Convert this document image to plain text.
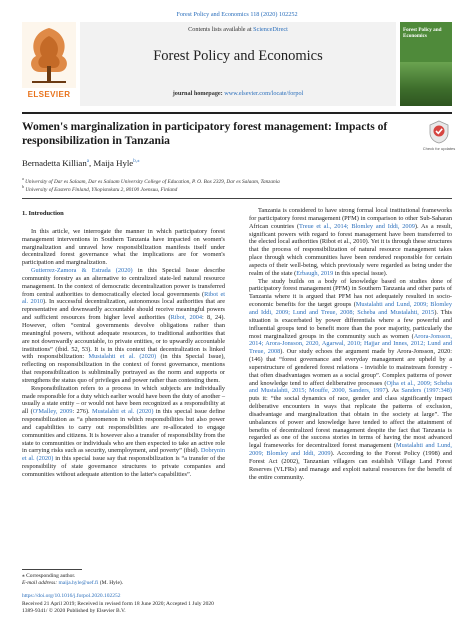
Forest Policy and Economics 118 (2020) 102252
ELSEVIER
Contents lists available at ScienceDirect
Forest Policy and Economics
journal homepage: www.elsevier.com/locate/forpol
Forest Policy and Economics
Women's marginalization in participatory forest management: Impacts of responsibilization in Tanzania
Check for updates
Bernadetta Killian$^a$, Maija Hyle$^{b,⁎}$
$^a$ University of Dar es Salaam, Dar es Salaam University College of Education, P. O. Box 2329, Dar es Salaam, Tanzania
$^b$ University of Eastern Finland, Yliopistokatu 2, 80100 Joensuu, Finland
1. Introduction
In this article, we interrogate the manner in which participatory forest management interventions in Southern Tanzania have impacted on women's marginalization and unravel how responsibilization manifests itself under decentralized forest governance what the implications are for women's participation and marginalization.
Gutierrez-Zamora & Estrada (2020) in this Special Issue describe community forestry as an alternative to centralized state-led natural resource management. In the context of democratic decentralization power is transferred from central authorities to democratically elected local governments (Ribot et al. 2010). In successful decentralization, autonomous local authorities that are representative and downwardly accountable should receive meaningful powers and sufficient resources from higher level authorities (Ribot, 2004: 8, 24). However, often “central governments devolve obligations rather than meaningful powers, without adequate resources, to traditional authorities that are not downwardly accountable, to private entities, or to upwardly accountable institutions” (ibid. 52, 53). It is in this context that decentralization is linked with responsibilization: Mustalahti et al. (2020) (in this Special Issue), reflecting on responsibilization in the context of forest governance, mentions that responsibilization is subliminally portrayed as the norm and supports or strengthens the status quo of privileges and power rather than contesting them.
Responsibilization refers to a process in which subjects are individually made responsible for a duty which earlier would have been the duty of another – usually a state entity – or would not have been recognized as a responsibility at all (O'Malley, 2009: 276). Mustalahti et al. (2020) in this special issue define responsibilization as “a phenomenon in which responsibilities but also power and capabilities to carry out responsibilities are re-allocated to engage communities and citizens. It is however also a transfer of responsibility from the state to communities or individuals who are then expected to take an active role in carrying risks such as security, unemployment, and poverty” (ibid). Dobrynin et al. (2020) in this special issue say that responsibilization is “a transfer of the responsibility of state governance structures to private companies and communities without adequate attention to the latter's capabilities”.
Tanzania is considered to have strong formal local institutional frameworks for participatory forest management (PFM) in comparison to other Sub-Saharan African countries (Treue et al., 2014; Blomley and Iddi, 2009). As a result, significant powers with regard to forest management have been transferred to the elected local authorities (Ribot et al., 2010). Yet it is through these structures that the process of responsibilization of natural resource management takes place through which communities have been rendered responsible for certain aspects of their well-being, which previously were regarded as being under the realm of the state (Erbaugh, 2019 in this special issue).
The study builds on a body of knowledge based on studies done of participatory forest management (PFM) in Southern Tanzania and other parts of Tanzania where it is argued that PFM has not adequately resulted in socio-economic benefits for the target groups (Mustalahti and Lund, 2009; Blomley and Iddi, 2009; Lund and Treue, 2008; Scheba and Mustalahti, 2015). This situation is exacerbated by power differentials where a few powerful and influential groups tend to benefit more than the poor majority, particularly the most marginalized groups in the community such as women (Arora-Jonsson, 2014; Arora-Jonsson, 2020, Agarwal, 2010; Hajjar and Innes, 2012; Lund and Treue, 2008). Our study echoes the argument made by Arora-Jonsson, 2020: (146) that “forest governance and everyday management are upheld by a superstructure of gendered forest relations - invisible to mainstream forestry - that often disadvantages women as a social group”. Complex patterns of power and knowledge tend to affect deliberative processes (Ojha et al., 2009; Scheba and Mustalahti, 2015; Mouffe, 2000, Sanders, 1997). As Sanders (1997:348) puts it: “the social dynamics of race, gender and class significantly impact deliberative encounters in ways that replicate the patterns of exclusion, disadvantage and marginalization that obtain in the society at large”. The unbalances of power and knowledge have tended to affect the attainment of benefits of decentralized forest management despite the fact that Tanzania is regarded as one of the success stories in terms of having the most advanced legal frameworks for decentralized forest management (Mustalahti and Lund, 2009; Blomley and Iddi, 2009). According to the Forest Policy (1998) and Forest Act (2002), Tanzanian villagers can establish Village Land Forest Reserves (VLFRs) and manage and exploit natural resources for the benefit of the entire community.
⁎ Corresponding author.
E-mail address: maija.hyle@uef.fi (M. Hyle).
https://doi.org/10.1016/j.forpol.2020.102252
Received 21 April 2019; Received in revised form 18 June 2020; Accepted 1 July 2020
1389-9341/ © 2020 Published by Elsevier B.V.
